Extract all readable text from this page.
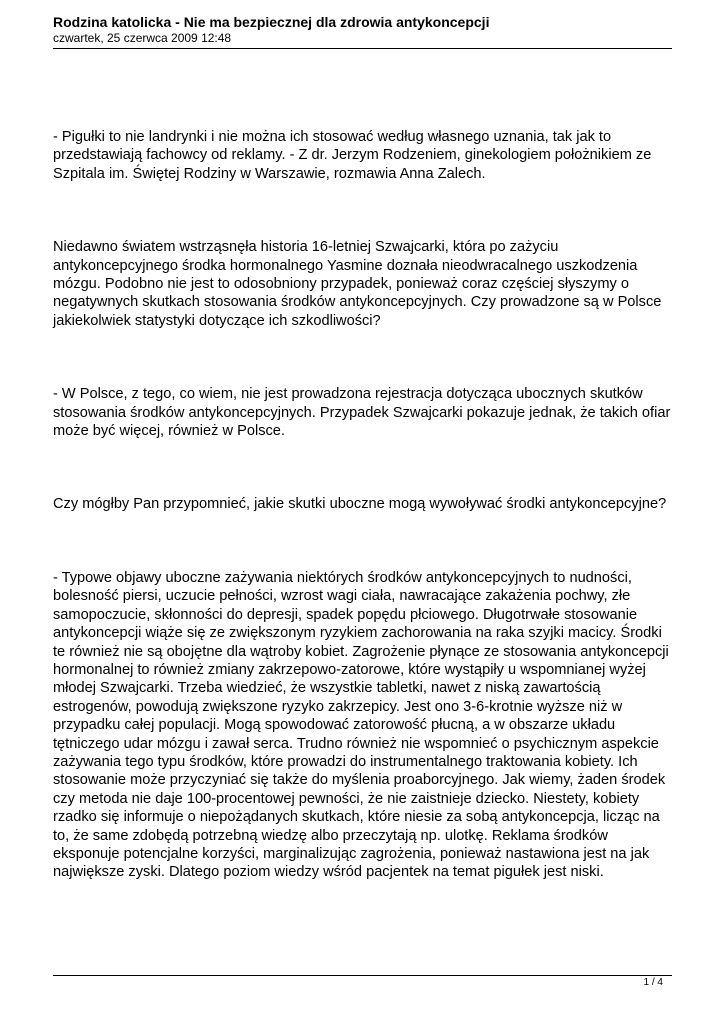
Rodzina katolicka - Nie ma bezpiecznej dla zdrowia antykoncepcji

czwartek, 25 czerwca 2009 12:48

- Pigułki to nie landrynki i nie można ich stosować według własnego uznania, tak jak to
przedstawiają fachowcy od reklamy. - Z dr. Jerzym Rodzeniem, ginekologiem położnikiem ze
Szpitala im. Świętej Rodziny w Warszawie, rozmawia Anna Zalech.

Niedawno światem wstrząsnęła historia 16-letniej Szwajcarki, która po zażyciu
antykoncepcyjnego środka hormonalnego Yasmine doznała nieodwracalnego uszkodzenia
mózgu. Podobno nie jest to odosobniony przypadek, ponieważ coraz częściej słyszymy o
negatywnych skutkach stosowania środków antykoncepcyjnych. Czy prowadzone są w Polsce
jakiekolwiek statystyki dotyczące ich szkodliwości?

- W Polsce, z tego, co wiem, nie jest prowadzona rejestracja dotycząca ubocznych skutków
stosowania środków antykoncepcyjnych. Przypadek Szwajcarki pokazuje jednak, że takich ofiar
może być więcej, również w Polsce.

Czy mógłby Pan przypomnieć, jakie skutki uboczne mogą wywoływać środki antykoncepcyjne?

- Typowe objawy uboczne zażywania niektórych środków antykoncepcyjnych to nudności,
bolesność piersi, uczucie pełności, wzrost wagi ciała, nawracające zakażenia pochwy, złe
samopoczucie, skłonności do depresji, spadek popędu płciowego. Długotrwałe stosowanie
antykoncepcji wiąże się ze zwiększonym ryzykiem zachorowania na raka szyjki macicy. Środki
te również nie są obojętne dla wątroby kobiet. Zagrożenie płynące ze stosowania antykoncepcji
hormonalnej to również zmiany zakrzepowo-zatorowe, które wystąpiły u wspomnianej wyżej
młodej Szwajcarki. Trzeba wiedzieć, że wszystkie tabletki, nawet z niską zawartością
estrogenów, powodują zwiększone ryzyko zakrzepicy. Jest ono 3-6-krotnie wyższe niż w
przypadku całej populacji. Mogą spowodować zatorowość płucną, a w obszarze układu
tętniczego udar mózgu i zawał serca. Trudno również nie wspomnieć o psychicznym aspekcie
zażywania tego typu środków, które prowadzi do instrumentalnego traktowania kobiety. Ich
stosowanie może przyczyniać się także do myślenia proaborcyjnego. Jak wiemy, żaden środek
czy metoda nie daje 100-procentowej pewności, że nie zaistnieje dziecko. Niestety, kobiety
rzadko się informuje o niepożądanych skutkach, które niesie za sobą antykoncepcja, licząc na
to, że same zdobędą potrzebną wiedzę albo przeczytają np. ulotkę. Reklama środków
eksponuje potencjalne korzyści, marginalizując zagrożenia, ponieważ nastawiona jest na jak
największe zyski. Dlatego poziom wiedzy wśród pacjentek na temat pigułek jest niski.

1 / 4
